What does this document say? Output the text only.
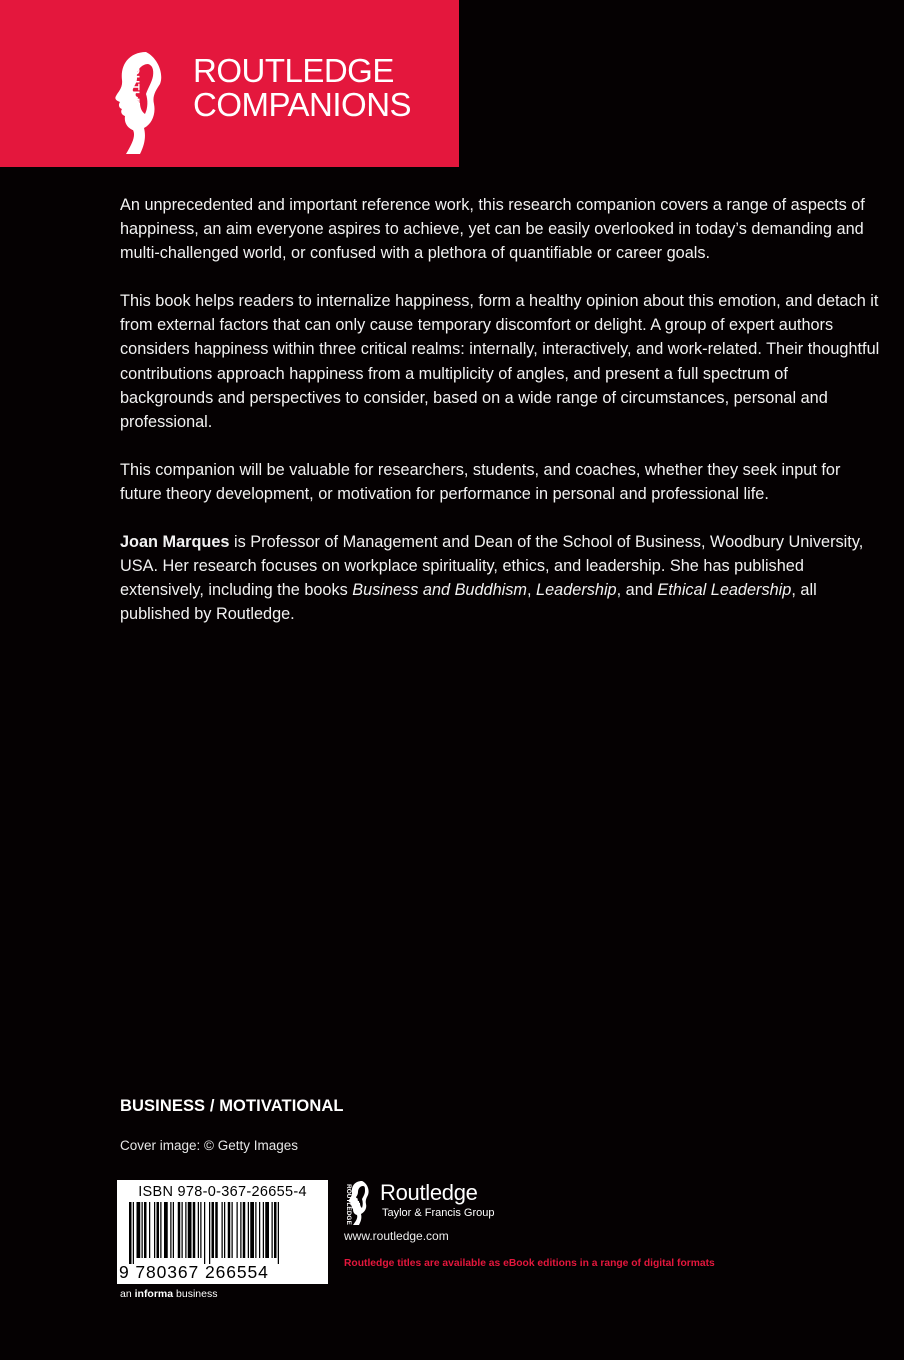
ROUTLEDGE ROUTLEDGE
COMPANIONS

An unprecedented and important reference work, this research companion covers a range of aspects of happiness, an aim everyone aspires to achieve, yet can be easily overlooked in today’s demanding and multi-challenged world, or confused with a plethora of quantifiable or career goals.

This book helps readers to internalize happiness, form a healthy opinion about this emotion, and detach it from external factors that can only cause temporary discomfort or delight. A group of expert authors considers happiness within three critical realms: internally, interactively, and work-related. Their thoughtful contributions approach happiness from a multiplicity of angles, and present a full spectrum of backgrounds and perspectives to consider, based on a wide range of circumstances, personal and professional.

This companion will be valuable for researchers, students, and coaches, whether they seek input for future theory development, or motivation for performance in personal and professional life.

Joan Marques is Professor of Management and Dean of the School of Business, Woodbury University, USA. Her research focuses on workplace spirituality, ethics, and leadership. She has published extensively, including the books Business and Buddhism, Leadership, and Ethical Leadership, all published by Routledge.

BUSINESS / MOTIVATIONAL
Cover image: © Getty Images
ISBN 978-0-367-26655-4
9 780367 266554
an informa business
ROUTLEDGE Routledge
Taylor & Francis Group
www.routledge.com
Routledge titles are available as eBook editions in a range of digital formats
